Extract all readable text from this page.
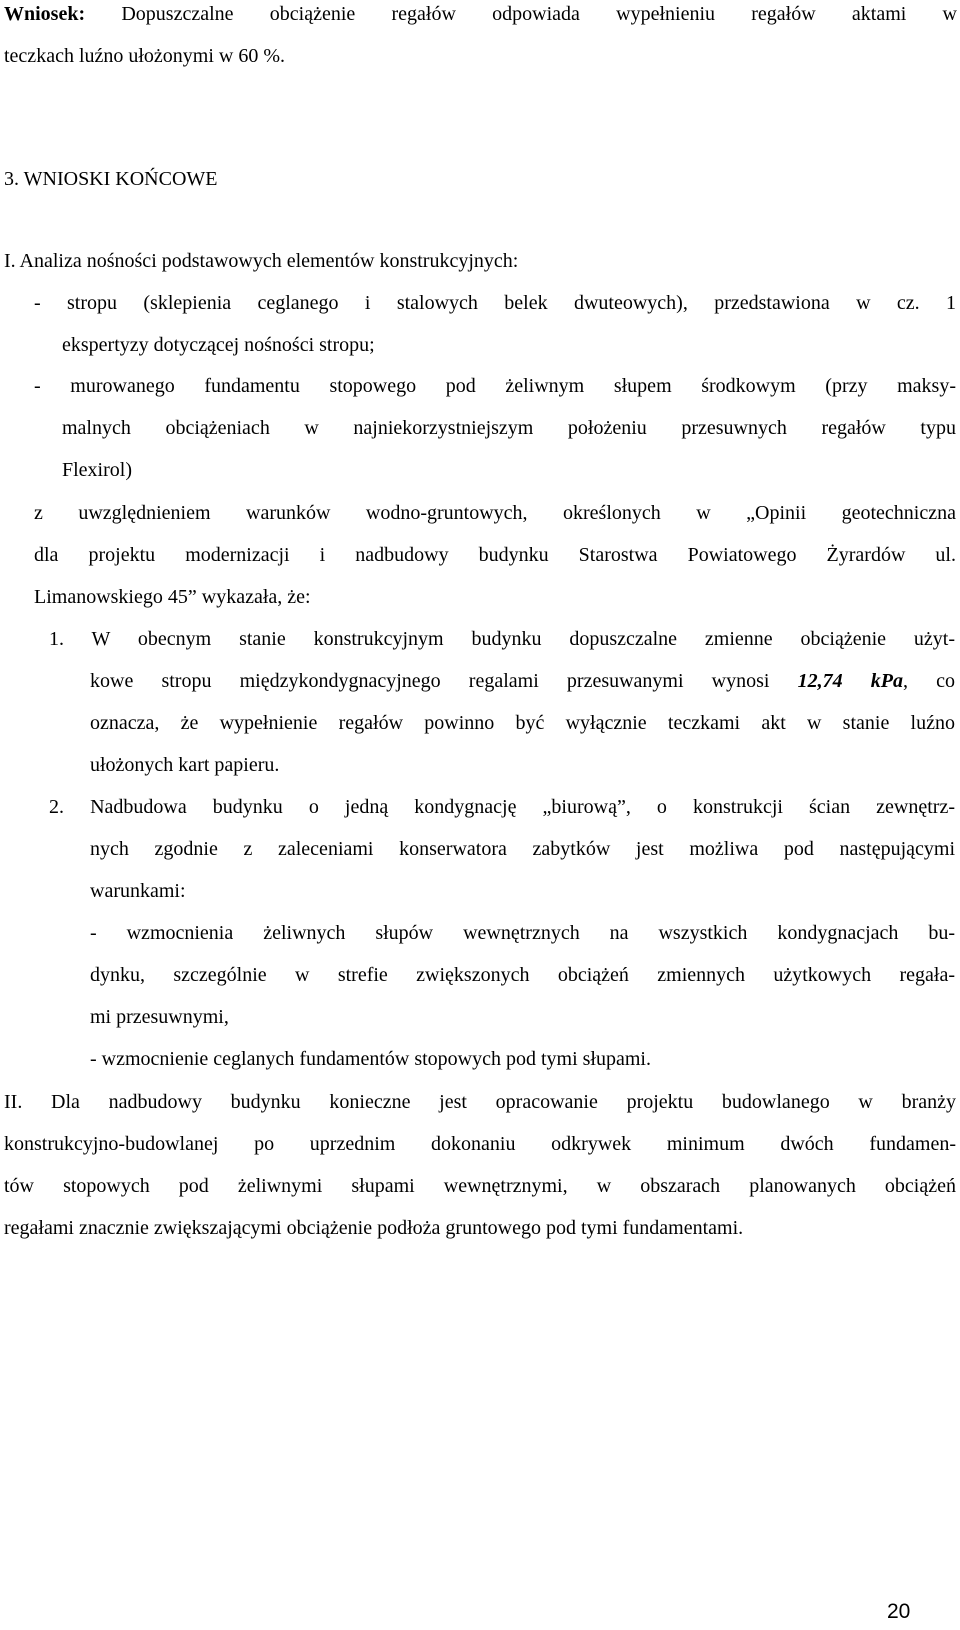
Wniosek: Dopuszczalne obciążenie regałów odpowiada wypełnieniu regałów aktami w
teczkach luźno ułożonymi w 60 %.
3. WNIOSKI KOŃCOWE
I. Analiza nośności podstawowych elementów konstrukcyjnych:
- stropu (sklepienia ceglanego i stalowych belek dwuteowych), przedstawiona w cz. 1
ekspertyzy dotyczącej nośności stropu;
- murowanego fundamentu stopowego pod żeliwnym słupem środkowym (przy maksy-
malnych obciążeniach w najniekorzystniejszym położeniu przesuwnych regałów typu
Flexirol)
z uwzględnieniem warunków wodno-gruntowych, określonych w „Opinii geotechniczna
dla projektu modernizacji i nadbudowy budynku Starostwa Powiatowego Żyrardów ul.
Limanowskiego 45” wykazała, że:
1. W obecnym stanie konstrukcyjnym budynku dopuszczalne zmienne obciążenie użyt-
kowe stropu międzykondygnacyjnego regalami przesuwanymi wynosi 12,74 kPa, co
oznacza, że wypełnienie regałów powinno być wyłącznie teczkami akt w stanie luźno
ułożonych kart papieru.
2. Nadbudowa budynku o jedną kondygnację „biurową”, o konstrukcji ścian zewnętrz-
nych zgodnie z zaleceniami konserwatora zabytków jest możliwa pod następującymi
warunkami:
- wzmocnienia żeliwnych słupów wewnętrznych na wszystkich kondygnacjach bu-
dynku, szczególnie w strefie zwiększonych obciążeń zmiennych użytkowych regała-
mi przesuwnymi,
- wzmocnienie ceglanych fundamentów stopowych pod tymi słupami.
II. Dla nadbudowy budynku konieczne jest opracowanie projektu budowlanego w branży
konstrukcyjno-budowlanej po uprzednim dokonaniu odkrywek minimum dwóch fundamen-
tów stopowych pod żeliwnymi słupami wewnętrznymi, w obszarach planowanych obciążeń
regałami znacznie zwiększającymi obciążenie podłoża gruntowego pod tymi fundamentami.
20
